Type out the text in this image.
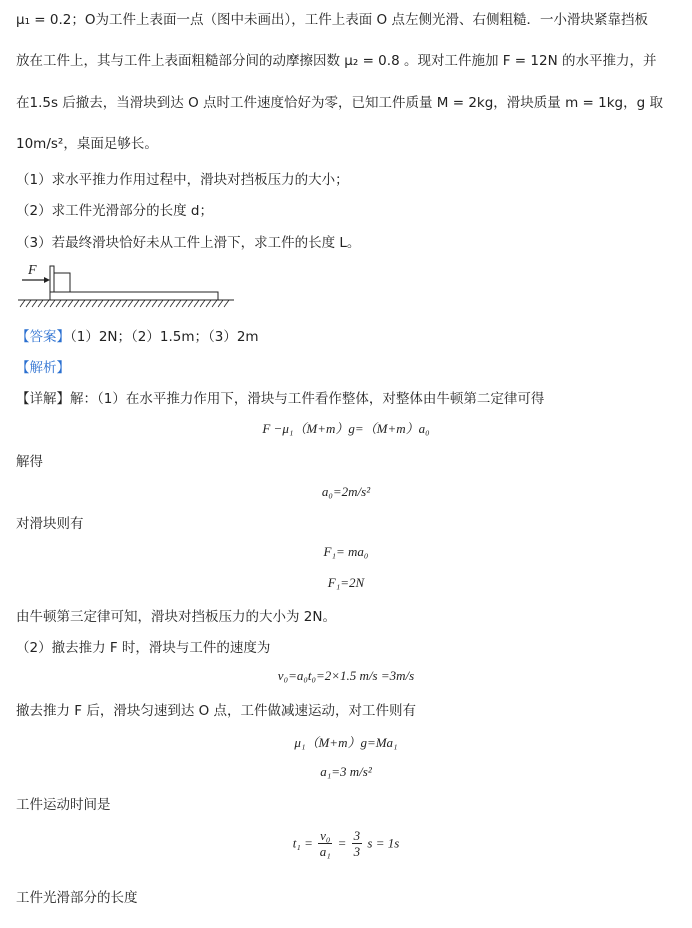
μ₁ = 0.2；O为工件上表面一点（图中未画出），工件上表面 O 点左侧光滑、右侧粗糙．一小滑块紧靠挡板
放在工件上，其与工件上表面粗糙部分间的动摩擦因数 μ₂ = 0.8 。现对工件施加 F = 12N 的水平推力，并
在1.5s 后撤去，当滑块到达 O 点时工件速度恰好为零，已知工件质量 M = 2kg，滑块质量 m = 1kg，g 取
10m/s²，桌面足够长。
（1）求水平推力作用过程中，滑块对挡板压力的大小；
（2）求工件光滑部分的长度 d；
（3）若最终滑块恰好未从工件上滑下，求工件的长度 L。
F
【答案】（1）2N；（2）1.5m；（3）2m
【解析】
【详解】解：（1）在水平推力作用下，滑块与工件看作整体，对整体由牛顿第二定律可得
F −μ₁（M+m）g=（M+m）a₀
解得
a₀=2m/s²
对滑块则有
F₁= ma₀
F₁=2N
由牛顿第三定律可知，滑块对挡板压力的大小为 2N。
（2）撤去推力 F 时，滑块与工件的速度为
v₀=a₀t₀=2×1.5 m/s =3m/s
撤去推力 F 后，滑块匀速到达 O 点，工件做减速运动，对工件则有
μ₁（M+m）g=Ma₁
a₁=3 m/s²
工件运动时间是
$t_1 = \frac{\text{v₀}}{\text{a₁}} = \frac{3}{3}$ s = 1s
工件光滑部分的长度
